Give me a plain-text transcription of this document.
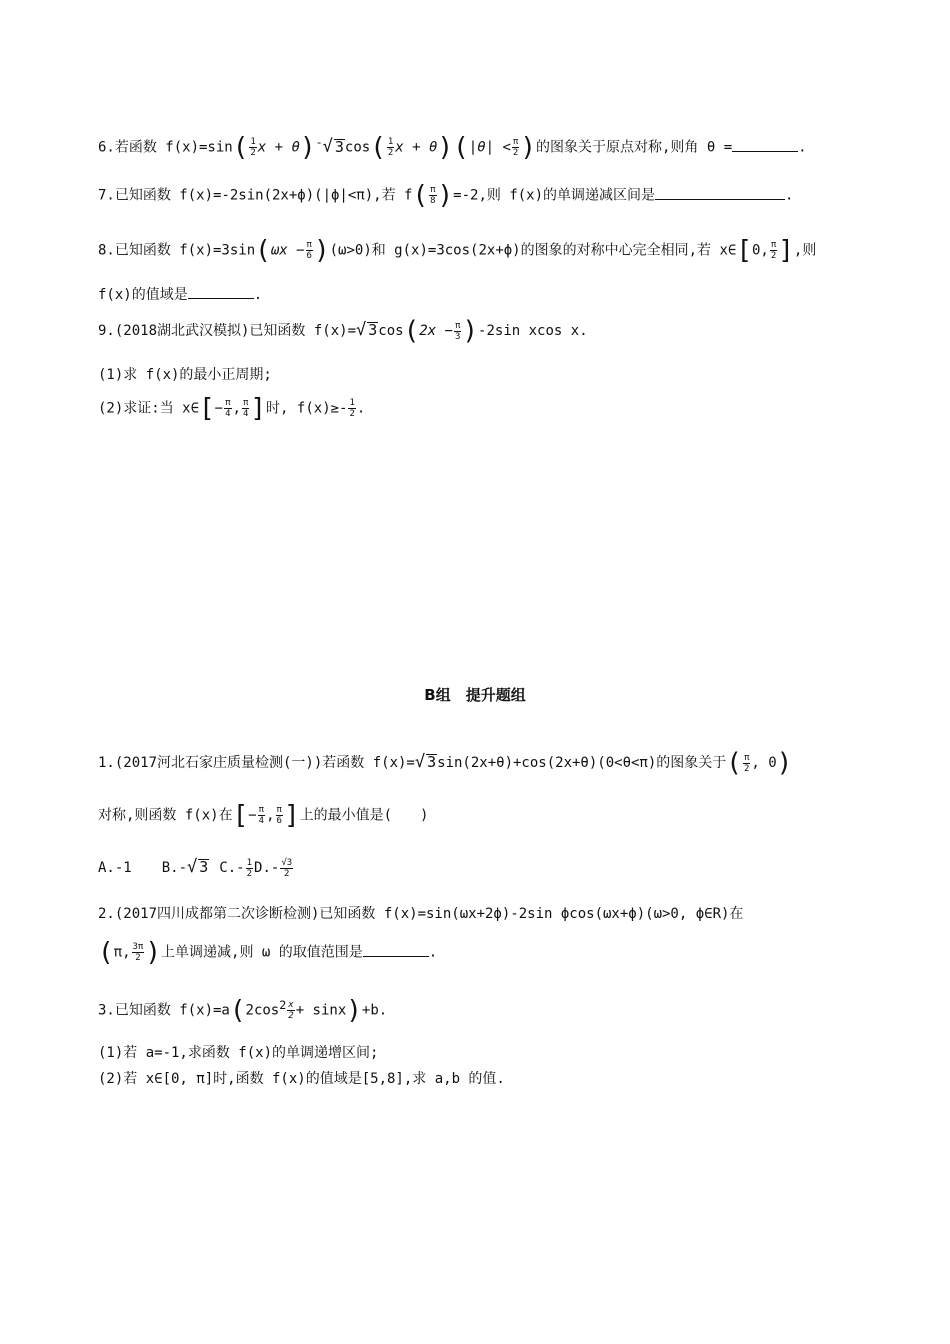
6.若函数 $f(x)=\sin( \frac{1}{2}$ x + θ)-√ $3\cos( \frac{1}{2}$ $x + \theta)(|\theta| < \frac{\pi}{2}$ )的图象关于原点对称,则角 θ =	.
7.已知函数 f(x)=-2sin(2x+ϕ)(|ϕ|<π),若 $f( \frac{\pi}{8} )=-2$,则 f(x)的单调递减区间是	.
8.已知函数 $f(x)=3\sin(\omega x - \frac{\pi}{6} )(\omega>0)$和 g(x)=3cos(2x+ϕ)的图象的对称中心完全相同,若 x∈[0, $\frac{\pi}{2}$ ],则
f(x)的值域是	.
9.(2018湖北武汉模拟)已知函数 f(x)=√ $3\cos(2x - \frac{\pi}{3} )-2\sin$ xcos x.
(1)求 f(x)的最小正周期;
(2)求证:当 x∈[− $\frac{\pi}{4}$ , $\frac{\pi}{4}$ ]时, $f(x)\ge- \frac{1}{2}$ .
B组　提升题组
1.(2017河北石家庄质量检测(一))若函数 f(x)=√ 3sin(2x+θ)+cos(2x+θ)(0<θ<π)的图象关于( $\frac{\pi}{2}$ , 0)
对称,则函数 f(x)在[− $\frac{\pi}{4}$ , $\frac{\pi}{6}$ ]上的最小值是(　　)
A.-1 B.-√ 3 $C.- \frac{1}{2} D.- \frac{√3}{2}$
2.(2017四川成都第二次诊断检测)已知函数 f(x)=sin(ωx+2ϕ)-2sin ϕcos(ωx+ϕ)(ω>0, ϕ∈R)在
(π, $\frac{3\pi}{2}$ )上单调递减,则 ω 的取值范围是	.
3.已知函数 $f(x)=a(2\cos^2 \frac{x}{2} + \sin x)+b$.
(1)若 a=-1,求函数 f(x)的单调递增区间;
(2)若 x∈[0, π]时,函数 f(x)的值域是[5,8],求 a,b 的值.
